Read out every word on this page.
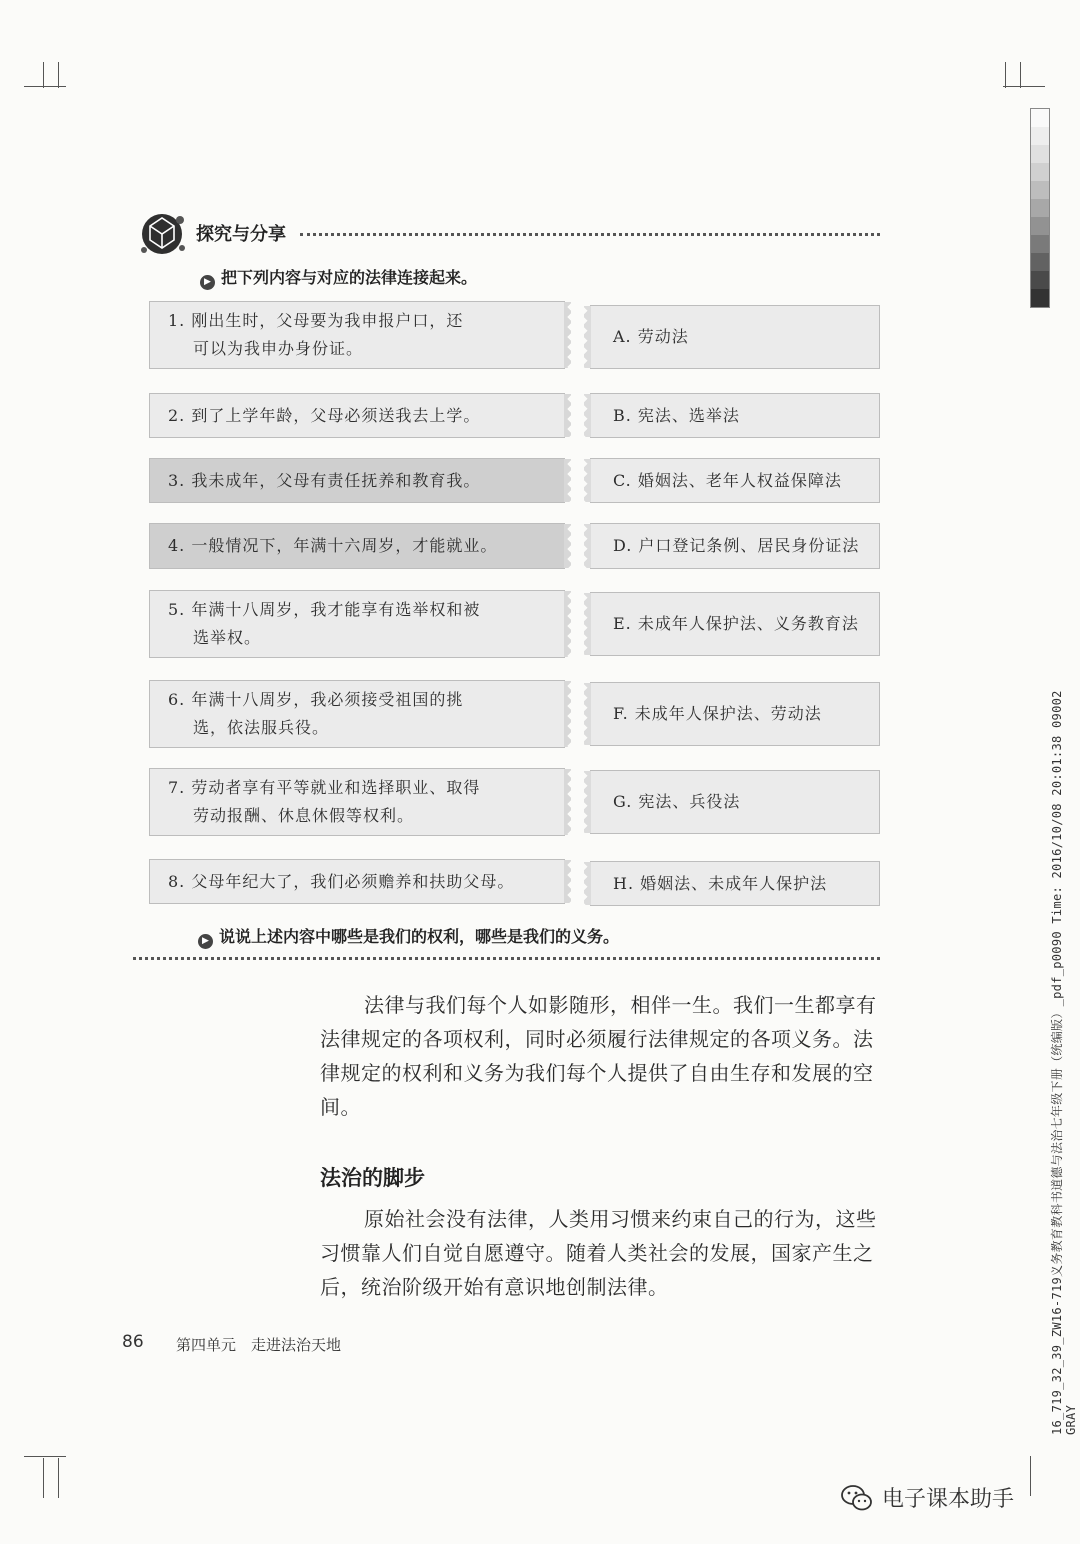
探究与分享
▶ 把下列内容与对应的法律连接起来。
1. 刚出生时，父母要为我申报户口，还
可以为我申办身份证。
2. 到了上学年龄，父母必须送我去上学。
3. 我未成年，父母有责任抚养和教育我。
4. 一般情况下，年满十六周岁，才能就业。
5. 年满十八周岁，我才能享有选举权和被
选举权。
6. 年满十八周岁，我必须接受祖国的挑
选，依法服兵役。
7. 劳动者享有平等就业和选择职业、取得
劳动报酬、休息休假等权利。
8. 父母年纪大了，我们必须赡养和扶助父母。
A. 劳动法
B. 宪法、选举法
C. 婚姻法、老年人权益保障法
D. 户口登记条例、居民身份证法
E. 未成年人保护法、义务教育法
F. 未成年人保护法、劳动法
G. 宪法、兵役法
H. 婚姻法、未成年人保护法
▶ 说说上述内容中哪些是我们的权利，哪些是我们的义务。
法律与我们每个人如影随形，相伴一生。我们一生都享有法律规定的各项权利，同时必须履行法律规定的各项义务。法律规定的权利和义务为我们每个人提供了自由生存和发展的空间。
法治的脚步
原始社会没有法律，人类用习惯来约束自己的行为，这些习惯靠人们自觉自愿遵守。随着人类社会的发展，国家产生之后，统治阶级开始有意识地创制法律。
86 第四单元　走进法治天地	16_719_32_39_ZW16-719义务教育教科书道德与法治七年级下册（统编版）_pdf_p0090 Time: 2016/10/08 20:01:38 09002 GRAY
电子课本助手
